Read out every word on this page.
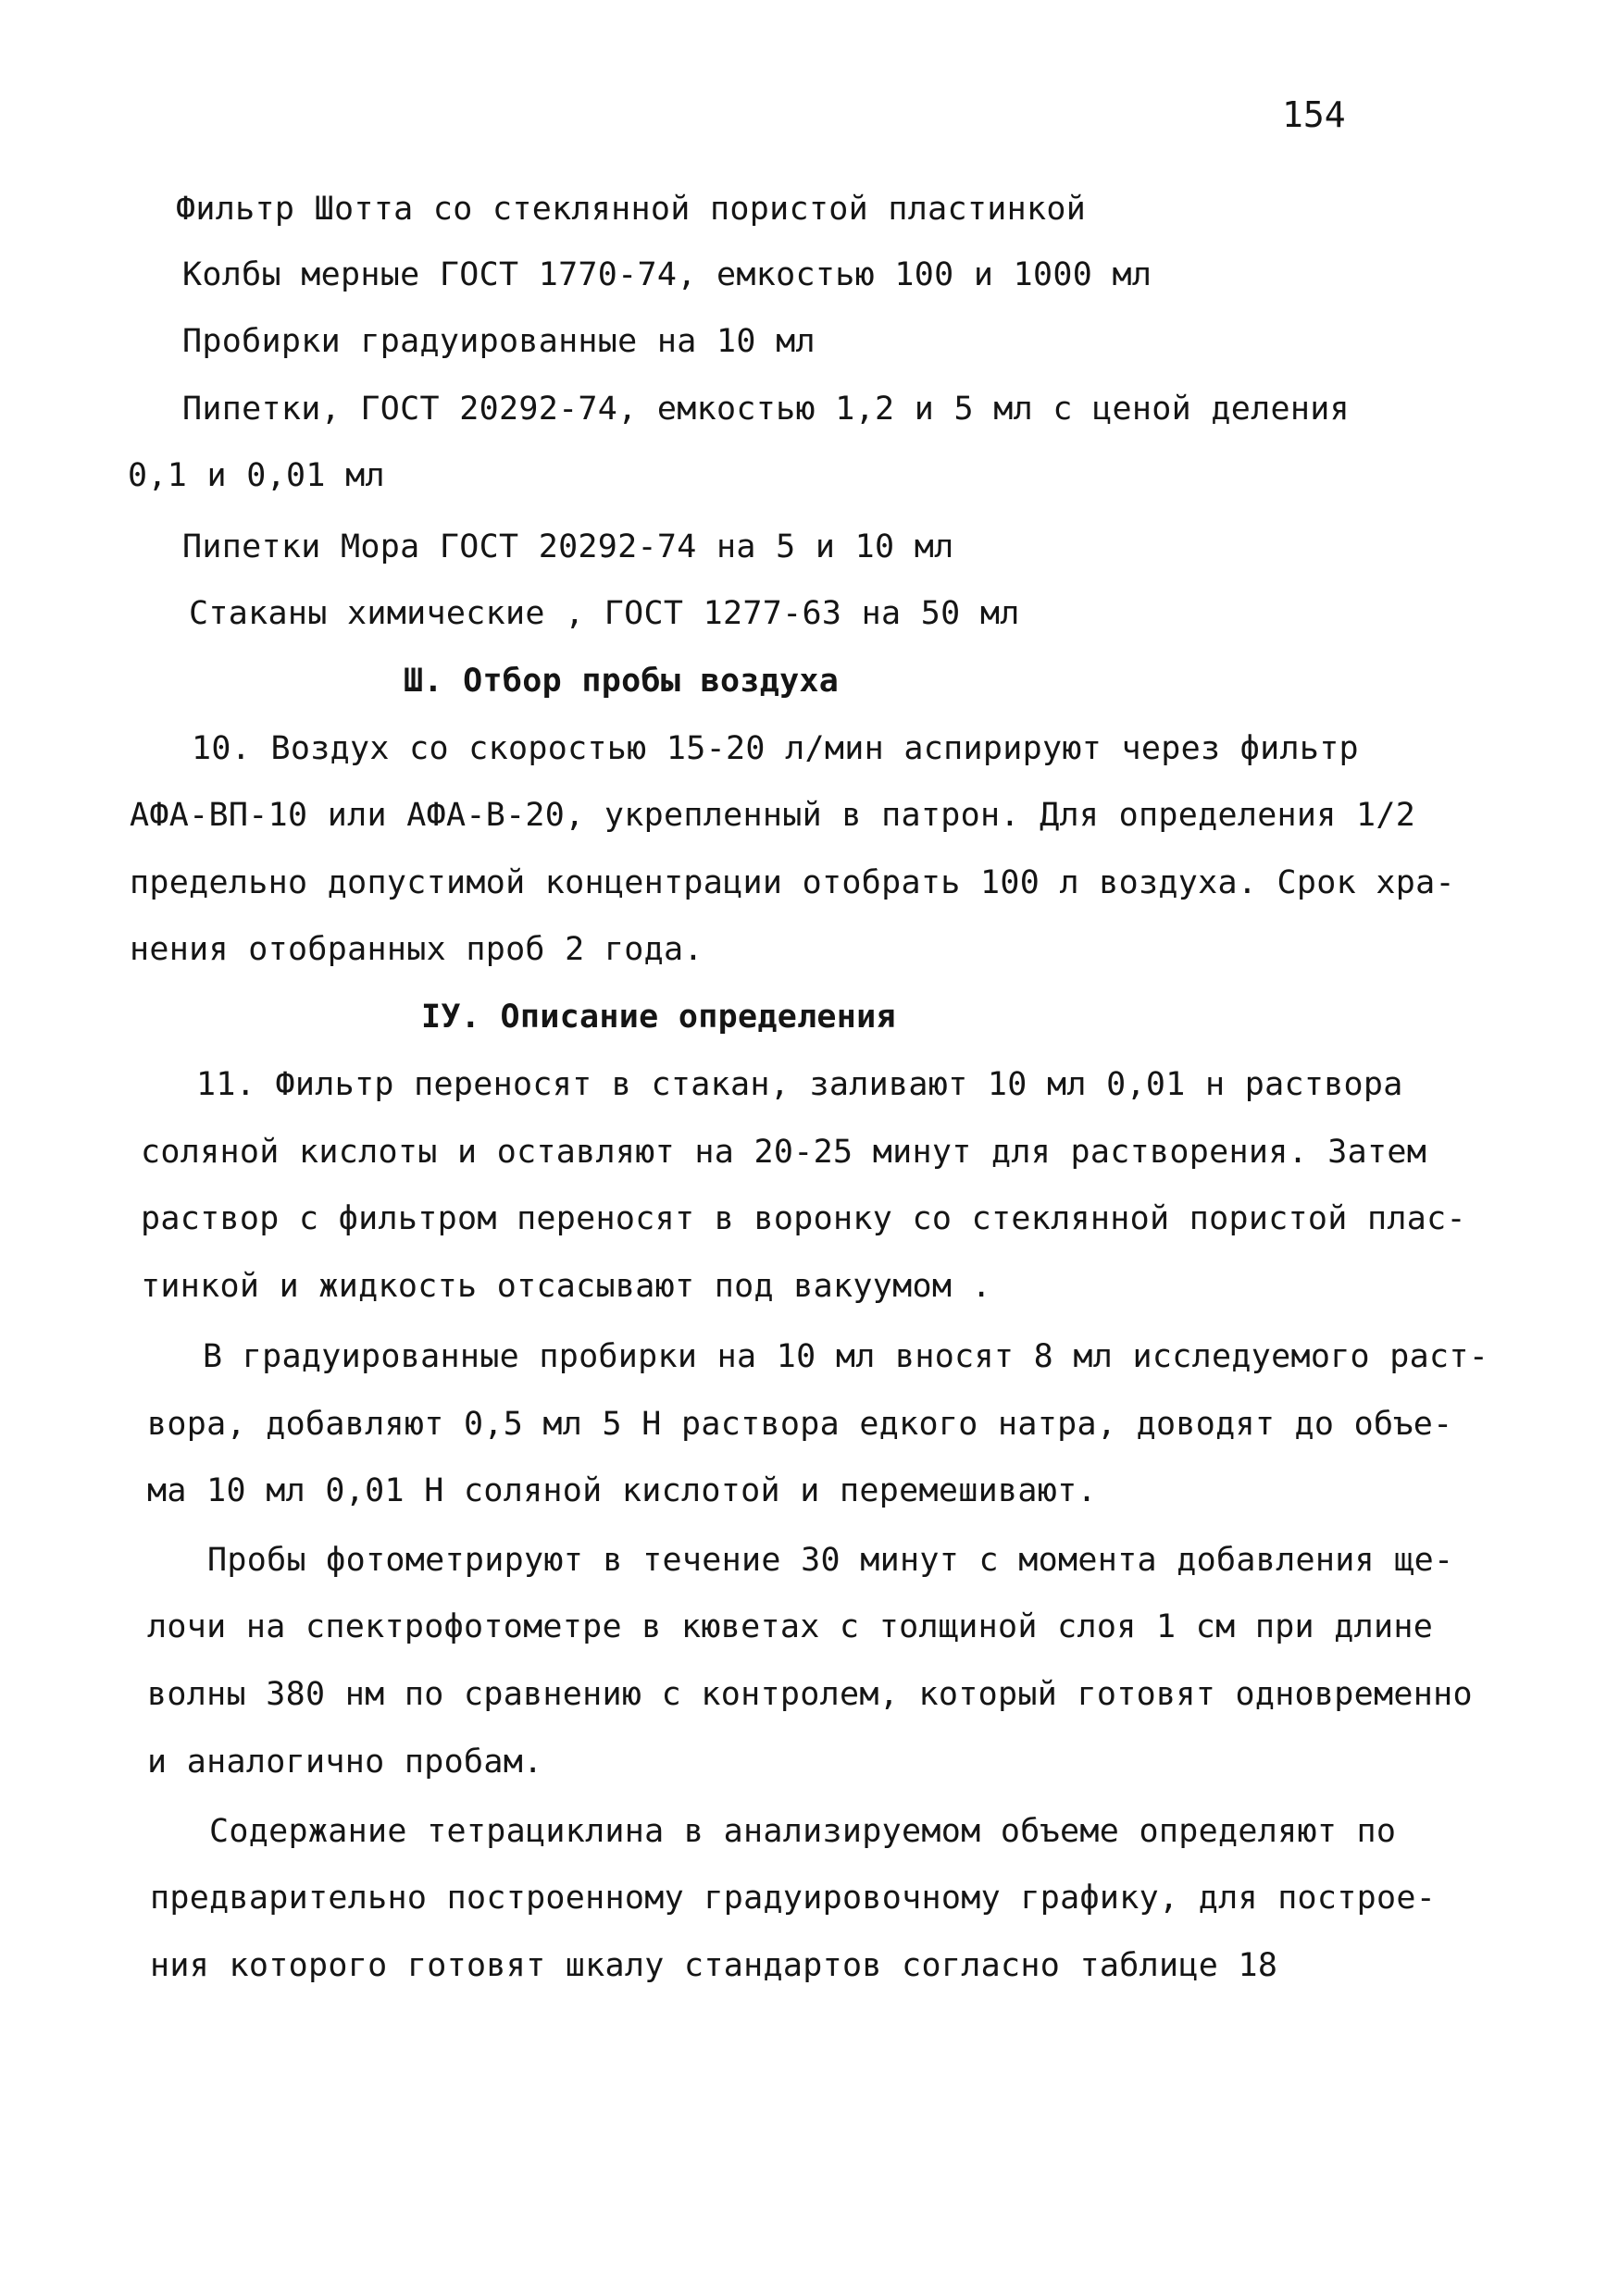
154
Фильтр Шотта со стеклянной пористой пластинкой
Колбы мерные ГОСТ 1770-74, емкостью 100 и 1000 мл
Пробирки градуированные на 10 мл
Пипетки, ГОСТ 20292-74, емкостью 1,2 и 5 мл с ценой деления
0,1 и 0,01 мл
Пипетки Мора ГОСТ 20292-74 на 5 и 10 мл
Стаканы химические , ГОСТ 1277-63 на 50 мл
Ш. Отбор пробы воздуха
10. Воздух со скоростью 15-20 л/мин аспирируют через фильтр
АФА-ВП-10 или АФА-В-20, укрепленный в патрон. Для определения 1/2
предельно допустимой концентрации отобрать 100 л воздуха. Срок хра-
нения отобранных проб 2 года.
IУ. Описание определения
11. Фильтр переносят в стакан, заливают 10 мл 0,01 н раствора
соляной кислоты и оставляют на 20-25 минут для растворения. Затем
раствор с фильтром переносят в воронку со стеклянной пористой плас-
тинкой и жидкость отсасывают под вакуумом .
В градуированные пробирки на 10 мл вносят 8 мл исследуемого раст-
вора, добавляют 0,5 мл 5 Н раствора едкого натра, доводят до объе-
ма 10 мл 0,01 Н соляной кислотой и перемешивают.
Пробы фотометрируют в течение 30 минут с момента добавления ще-
лочи на спектрофотометре в кюветах с толщиной слоя 1 см при длине
волны 380 нм по сравнению с контролем, который готовят одновременно
и аналогично пробам.
Содержание тетрациклина в анализируемом объеме определяют по
предварительно построенному градуировочному графику, для построе-
ния которого готовят шкалу стандартов согласно таблице 18
